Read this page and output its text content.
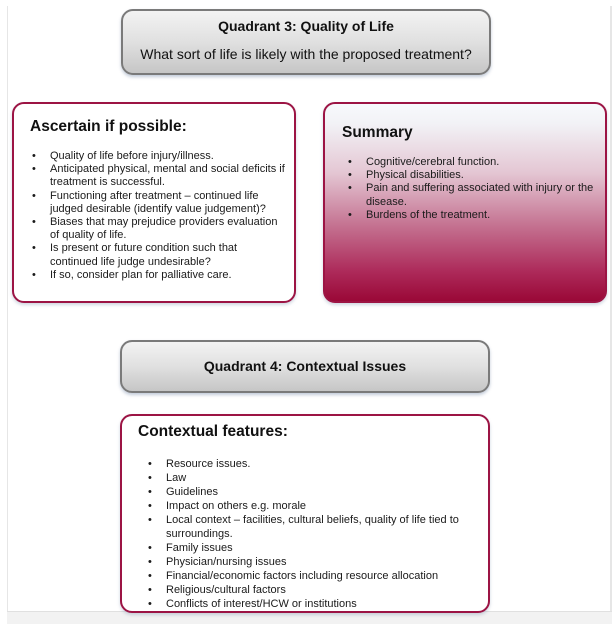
Quadrant 3: Quality of Life
What sort of life is likely with the proposed treatment?
Ascertain if possible:
• Quality of life before injury/illness.
• Anticipated physical, mental and social deficits if treatment is successful.
• Functioning after treatment – continued life judged desirable (identify value judgement)?
• Biases that may prejudice providers evaluation of quality of life.
• Is present or future condition such that continued life judge undesirable?
• If so, consider plan for palliative care.
Summary
• Cognitive/cerebral function.
• Physical disabilities.
• Pain and suffering associated with injury or the disease.
• Burdens of the treatment.
Quadrant 4: Contextual Issues
Contextual features:
• Resource issues.
• Law
• Guidelines
• Impact on others e.g. morale
• Local context – facilities, cultural beliefs, quality of life tied to surroundings.
• Family issues
• Physician/nursing issues
• Financial/economic factors including resource allocation
• Religious/cultural factors
• Conflicts of interest/HCW or institutions
